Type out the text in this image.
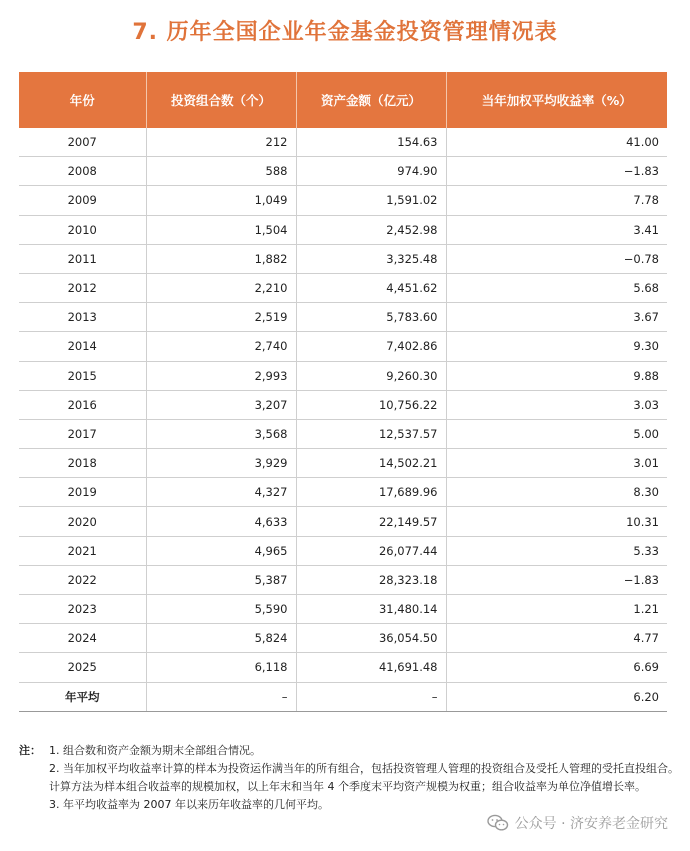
7. 历年全国企业年金基金投资管理情况表
年份	投资组合数（个）	资产金额（亿元）	当年加权平均收益率（%）
2007	212	154.63	41.00
2008	588	974.90	−1.83
2009	1,049	1,591.02	7.78
2010	1,504	2,452.98	3.41
2011	1,882	3,325.48	−0.78
2012	2,210	4,451.62	5.68
2013	2,519	5,783.60	3.67
2014	2,740	7,402.86	9.30
2015	2,993	9,260.30	9.88
2016	3,207	10,756.22	3.03
2017	3,568	12,537.57	5.00
2018	3,929	14,502.21	3.01
2019	4,327	17,689.96	8.30
2020	4,633	22,149.57	10.31
2021	4,965	26,077.44	5.33
2022	5,387	28,323.18	−1.83
2023	5,590	31,480.14	1.21
2024	5,824	36,054.50	4.77
2025	6,118	41,691.48	6.69
年平均	–	–	6.20
注： 1. 组合数和资产金额为期末全部组合情况。
2. 当年加权平均收益率计算的样本为投资运作满当年的所有组合，包括投资管理人管理的投资组合及受托人管理的受托直投组合。计算方法为样本组合收益率的规模加权，以上年末和当年 4 个季度末平均资产规模为权重；组合收益率为单位净值增长率。
3. 年平均收益率为 2007 年以来历年收益率的几何平均。
公众号 · 济安养老金研究
